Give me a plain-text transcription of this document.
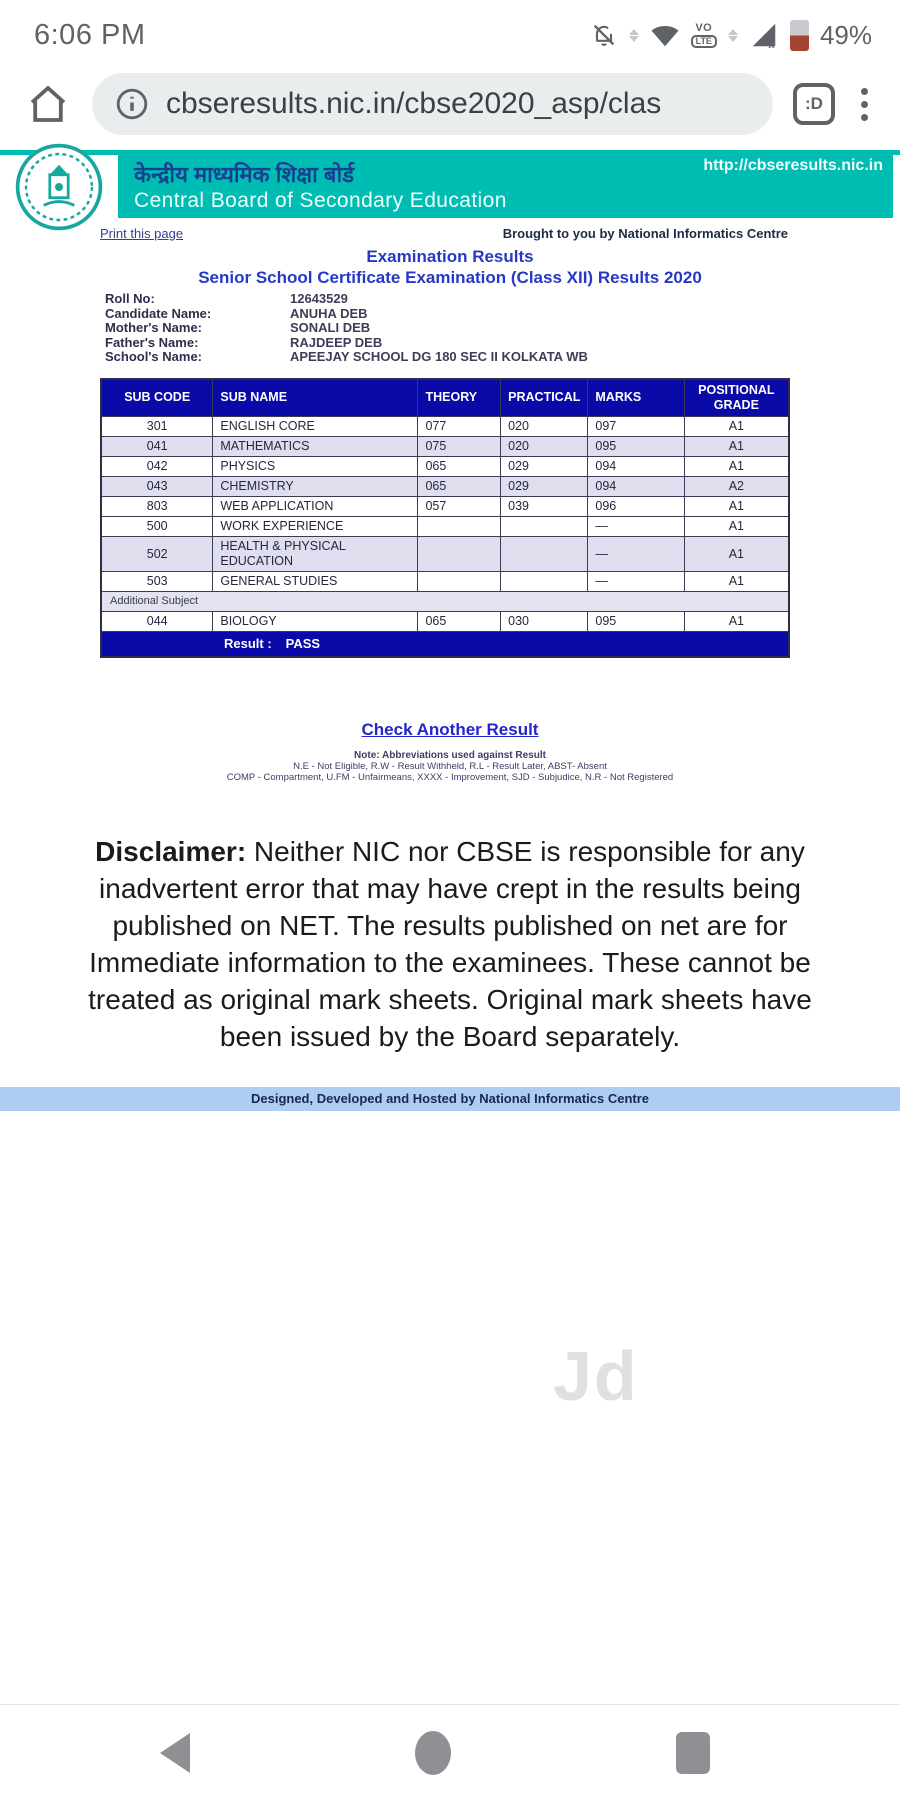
6:06 PM	VO
LTE	x 49%
cbseresults.nic.in/cbse2020_asp/clas	:D
http://cbseresults.nic.in
केन्द्रीय माध्यमिक शिक्षा बोर्ड
Central Board of Secondary Education
Print this page	Brought to you by National Informatics Centre
Examination Results
Senior School Certificate Examination (Class XII) Results 2020
Roll No:	12643529
Candidate Name:	ANUHA DEB
Mother's Name:	SONALI DEB
Father's Name:	RAJDEEP DEB
School's Name:	APEEJAY SCHOOL DG 180 SEC II KOLKATA WB
SUB CODE	SUB NAME	THEORY	PRACTICAL	MARKS	POSITIONAL GRADE
301	ENGLISH CORE	077	020	097	A1
041	MATHEMATICS	075	020	095	A1
042	PHYSICS	065	029	094	A1
043	CHEMISTRY	065	029	094	A2
803	WEB APPLICATION	057	039	096	A1
500	WORK EXPERIENCE			—	A1
502	HEALTH & PHYSICAL EDUCATION			—	A1
503	GENERAL STUDIES			—	A1
Additional Subject					
044	BIOLOGY	065	030	095	A1
Result : PASS					
Check Another Result
Note: Abbreviations used against Result
N.E - Not Eligible, R.W - Result Withheld, R.L - Result Later, ABST- Absent
COMP - Compartment, U.FM - Unfairmeans, XXXX - Improvement, SJD - Subjudice, N.R - Not Registered

Disclaimer: Neither NIC nor CBSE is responsible for any inadvertent error that may have crept in the results being published on NET. The results published on net are for Immediate information to the examinees. These cannot be treated as original mark sheets. Original mark sheets have been issued by the Board separately.

Designed, Developed and Hosted by National Informatics Centre
Jd
